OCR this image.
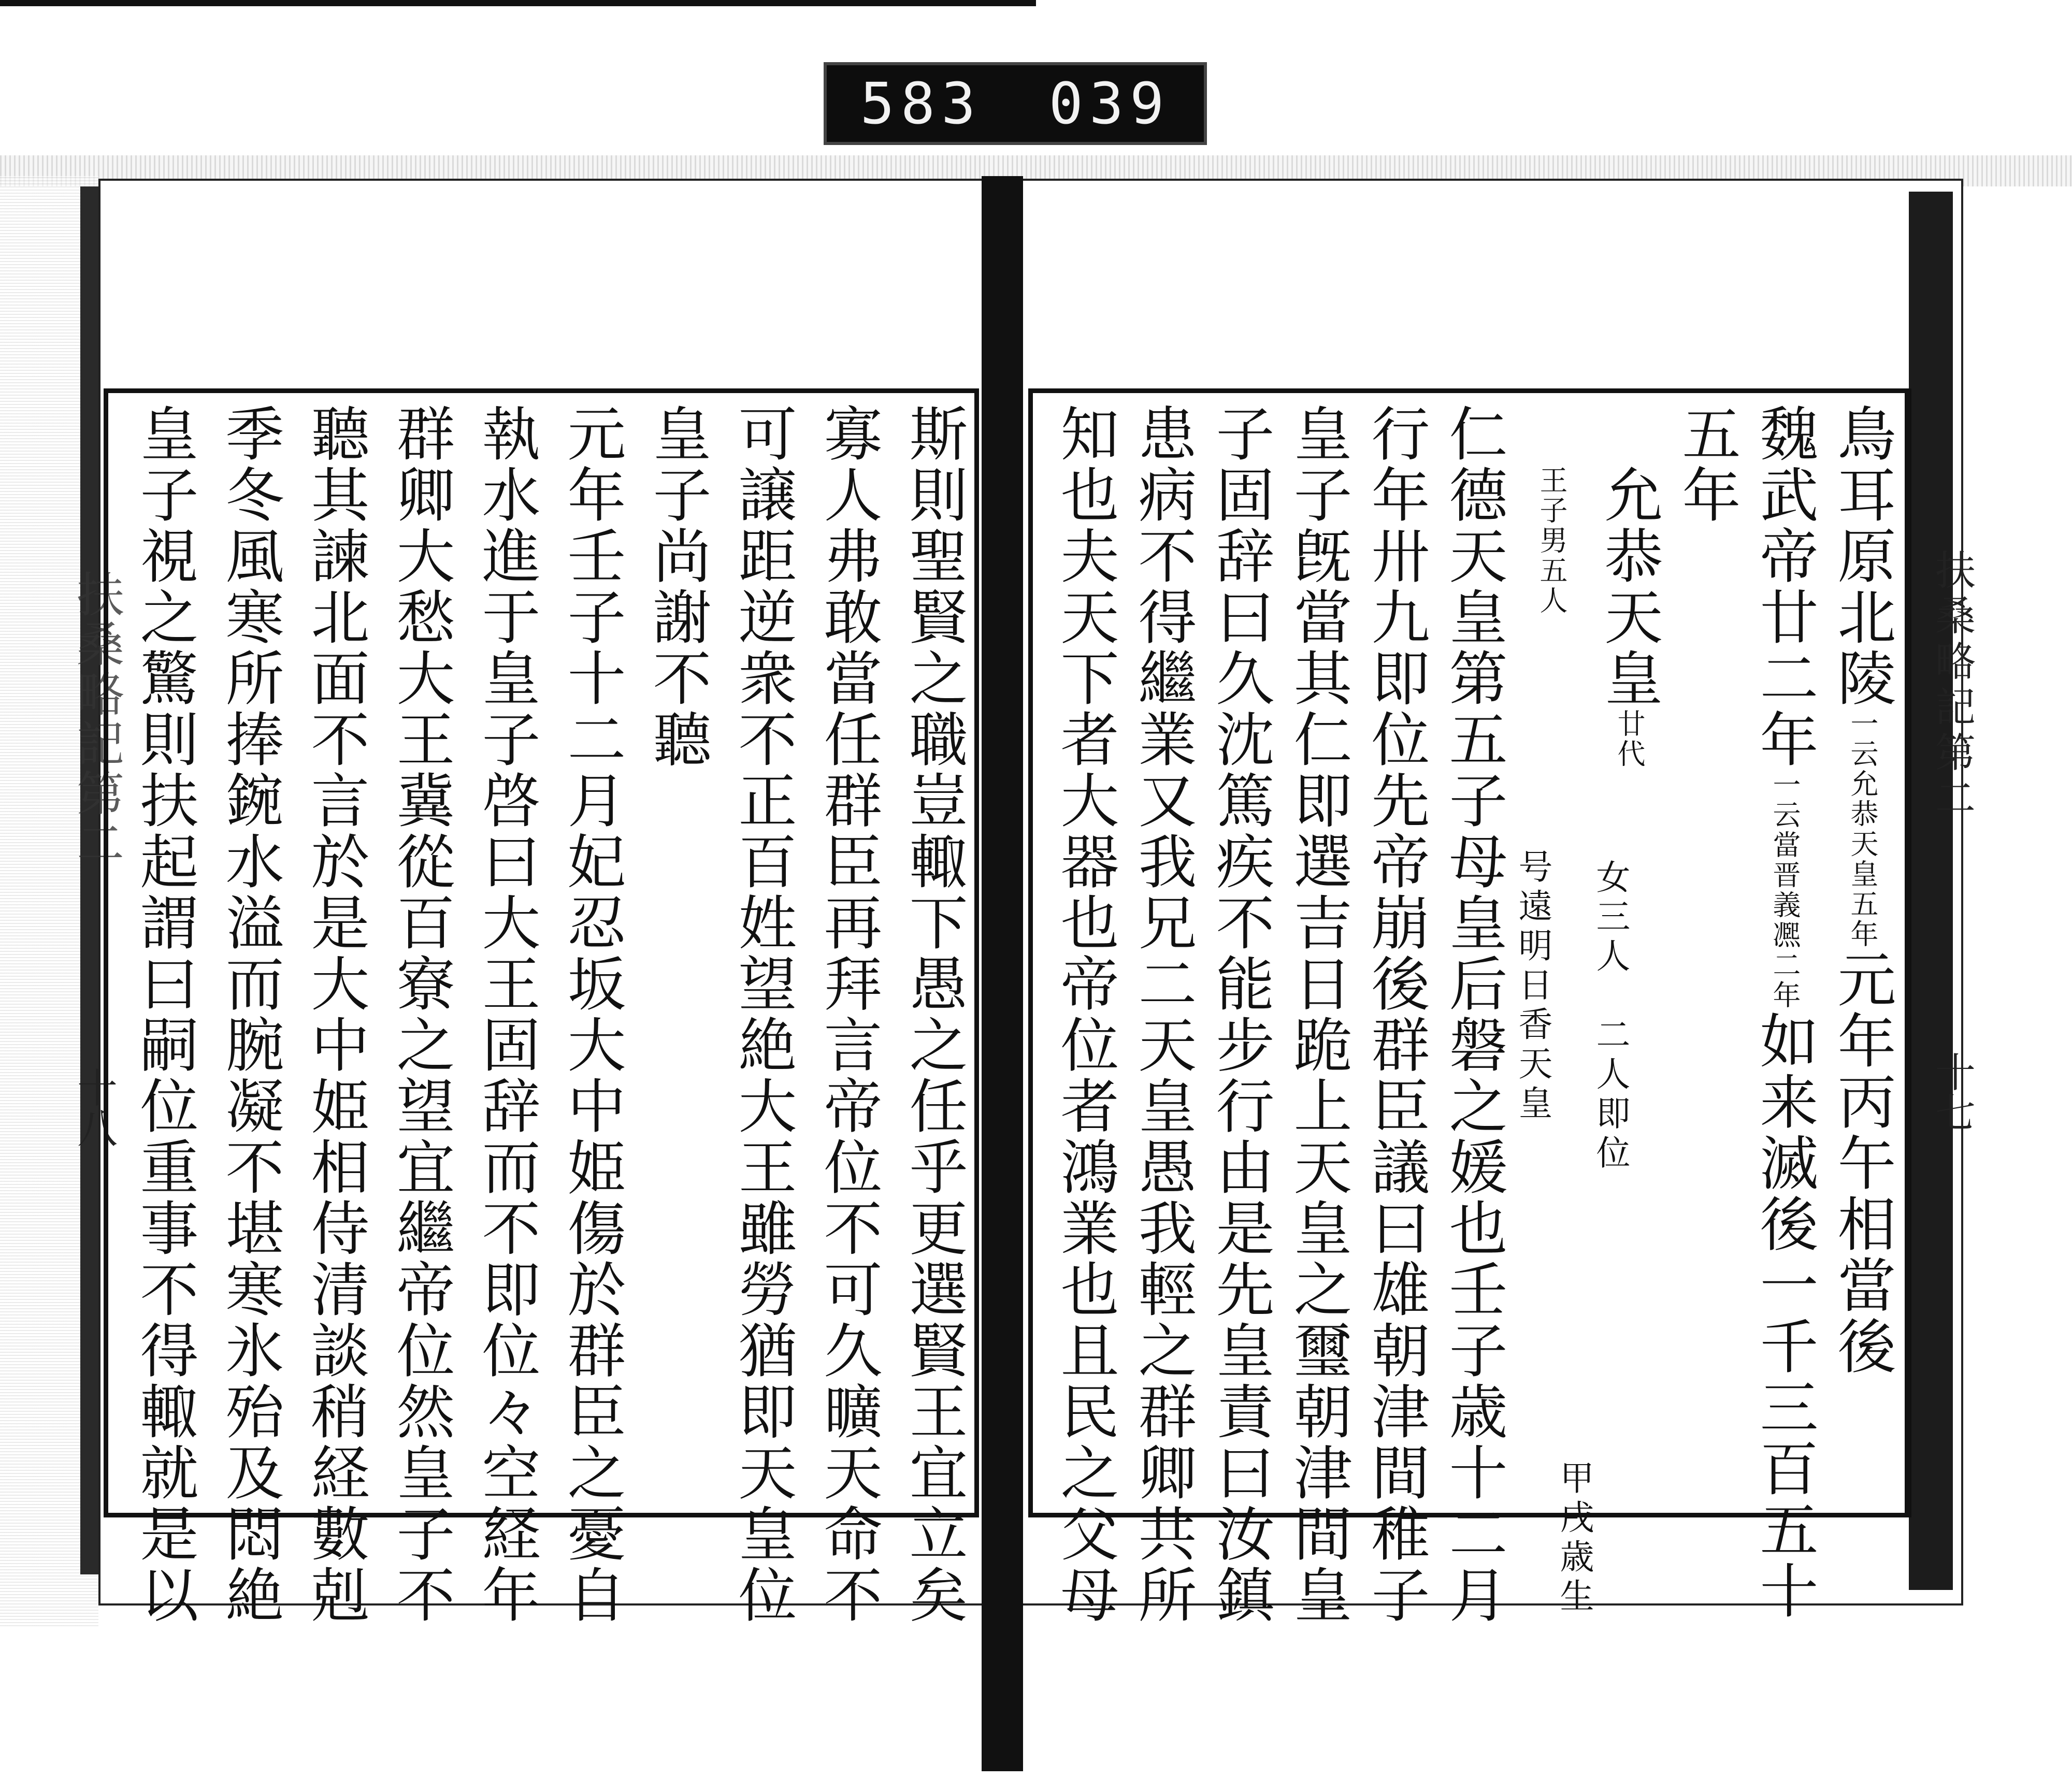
583 039
扶桑略記第二
十八
扶桑略記第二
十七
斯則聖賢之職豈輙下愚之任乎更選賢王宜立矣
寡人弗敢當任群臣再拜言帝位不可久曠天命不
可譲距逆衆不正百姓望絶大王雖勞猶即天皇位
皇子尚謝不聽
元年壬子十二月妃忍坂大中姫傷於群臣之憂自
執水進于皇子啓曰大王固辞而不即位々空経年
群卿大愁大王冀從百寮之望宜繼帝位然皇子不
聽其諫北面不言於是大中姫相侍清談稍経數剋
季冬風寒所捧鋺水溢而腕凝不堪寒氷殆及悶絶
皇子視之驚則扶起謂曰嗣位重事不得輙就是以	鳥耳原北陵一云允恭天皇五年元年丙午相當後
魏武帝廿二年一云當晋義凞二年如来滅後一千三百五十
五年
　允恭天皇廿代
王子男五人
仁德天皇第五子母皇后磐之媛也壬子歳十二月
行年卅九即位先帝崩後群臣議曰雄朝津間稚子
皇子旣當其仁即選吉日跪上天皇之璽朝津間皇
子固辞曰久沈篤疾不能步行由是先皇責曰汝鎮
患病不得繼業又我兄二天皇愚我輕之群卿共所
知也夫天下者大器也帝位者鴻業也且民之父母	号遠明日香天皇
甲戌歳生
女三人　二人即位
